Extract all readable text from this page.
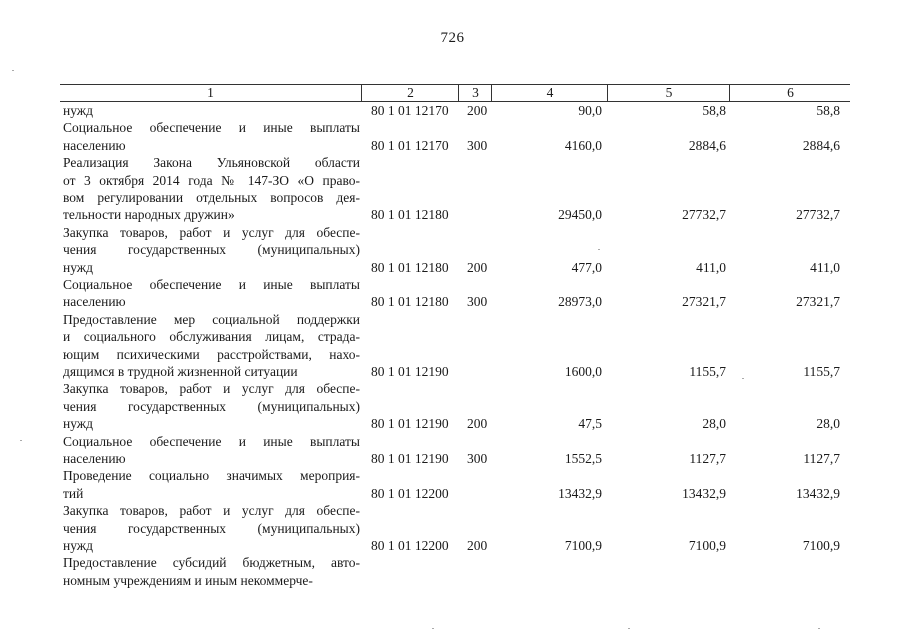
726
1	2	3	4	5	6
нужд	80 1 01 12170 200	90,0	58,8	58,8
Социальное обеспечение и иные выплаты
населению	80 1 01 12170 300	4160,0	2884,6	2884,6
Реализация Закона Ульяновской области
от 3 октября 2014 года № 147-ЗО «О право-
вом регулировании отдельных вопросов дея-
тельности народных дружин»	80 1 01 12180	29450,0	27732,7	27732,7
Закупка товаров, работ и услуг для обеспе-
чения государственных (муниципальных)
нужд	80 1 01 12180 200	477,0	411,0	411,0
Социальное обеспечение и иные выплаты
населению	80 1 01 12180 300	28973,0	27321,7	27321,7
Предоставление мер социальной поддержки
и социального обслуживания лицам, страда-
ющим психическими расстройствами, нахо-
дящимся в трудной жизненной ситуации	80 1 01 12190	1600,0	1155,7	1155,7
Закупка товаров, работ и услуг для обеспе-
чения государственных (муниципальных)
нужд	80 1 01 12190 200	47,5	28,0	28,0
Социальное обеспечение и иные выплаты
населению	80 1 01 12190 300	1552,5	1127,7	1127,7
Проведение социально значимых мероприя-
тий	80 1 01 12200	13432,9	13432,9	13432,9
Закупка товаров, работ и услуг для обеспе-
чения государственных (муниципальных)
нужд	80 1 01 12200 200	7100,9	7100,9	7100,9
Предоставление субсидий бюджетным, авто-
номным учреждениям и иным некоммерче-
